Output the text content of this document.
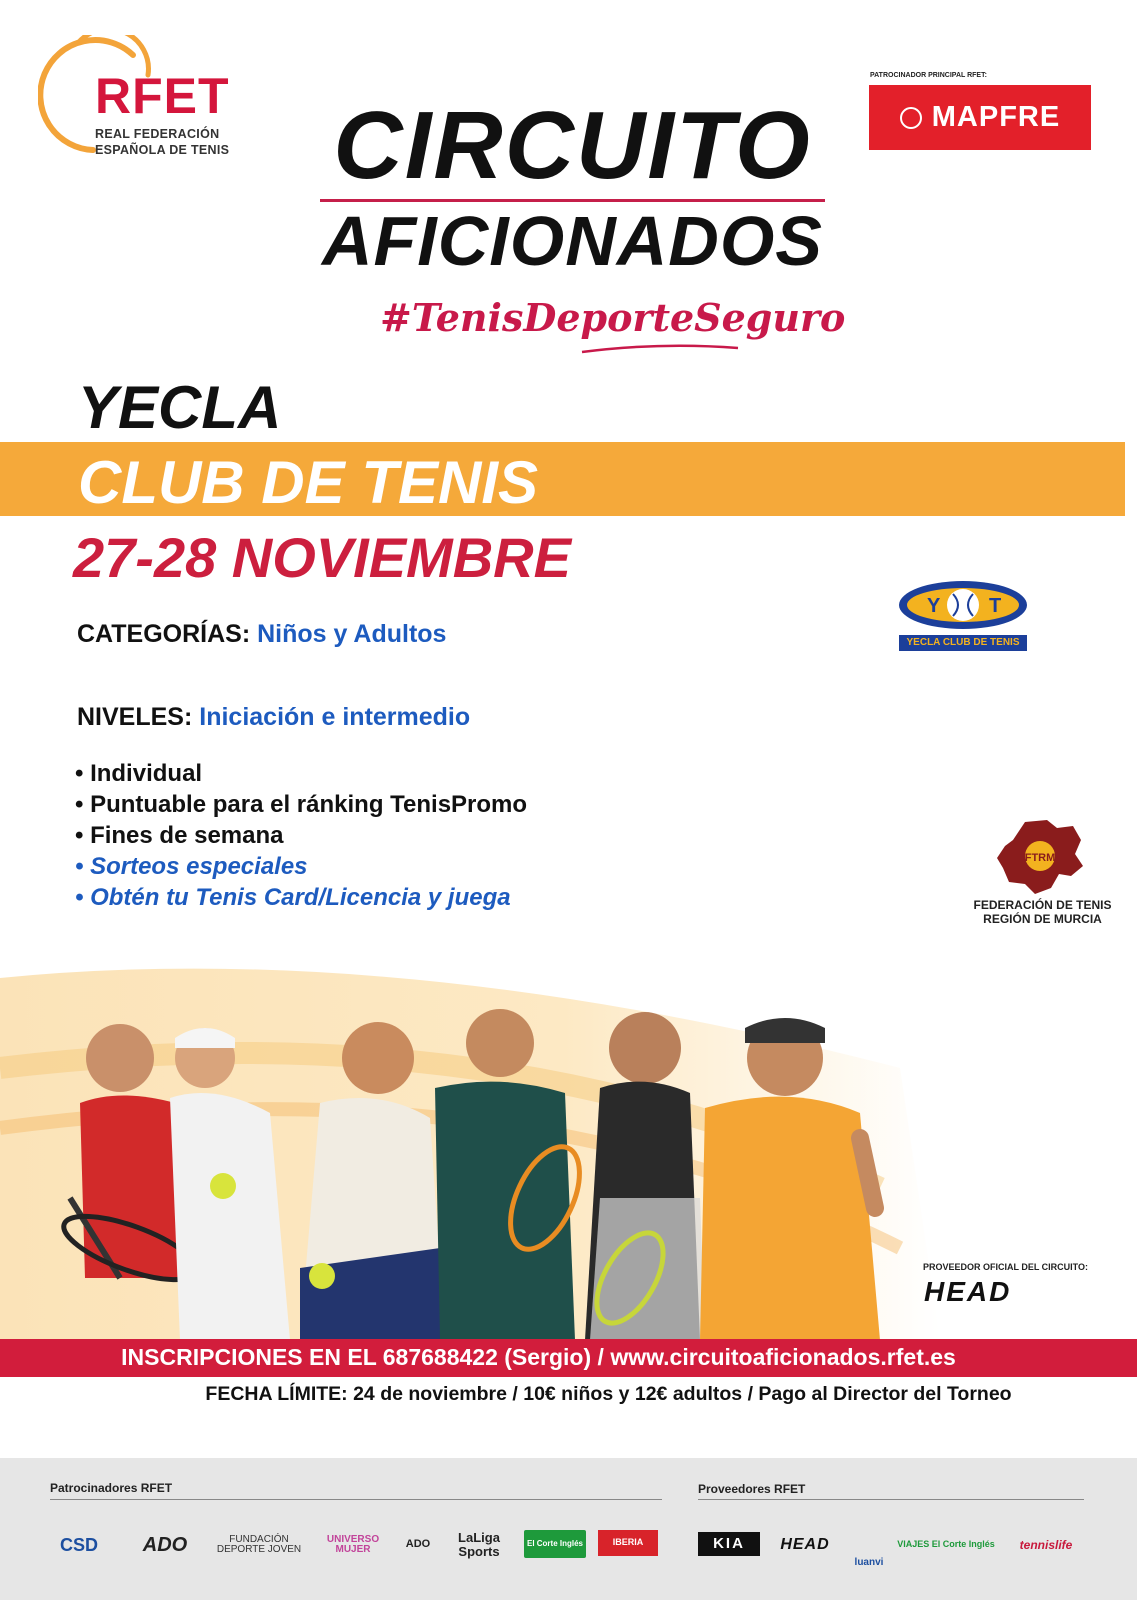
RFET
REAL FEDERACIÓN
ESPAÑOLA DE TENIS
PATROCINADOR PRINCIPAL RFET:
MAPFRE
CIRCUITO
AFICIONADOS
#TenisDeporteSeguro
YECLA
CLUB DE TENIS
27-28 NOVIEMBRE
CATEGORÍAS: Niños y Adultos
NIVELES: Iniciación e intermedio
• Individual
• Puntuable para el ránking TenisPromo
• Fines de semana
• Sorteos especiales
• Obtén tu Tenis Card/Licencia y juega
Y T
YECLA CLUB DE TENIS
FTRM
FEDERACIÓN DE TENIS
REGIÓN DE MURCIA
PROVEEDOR OFICIAL DEL CIRCUITO:
HEAD
INSCRIPCIONES EN EL 687688422 (Sergio) / www.circuitoaficionados.rfet.es
FECHA LÍMITE: 24 de noviembre / 10€ niños y 12€ adultos / Pago al Director del Torneo
Patrocinadores RFET	Proveedores RFET
CSD ADO	FUNDACIÓN DEPORTE JOVEN
UNIVERSO MUJER	ADO	LaLiga Sports
El Corte Inglés	IBERIA	KIA HEAD
luanvi
VIAJES El Corte Inglés tennislife
